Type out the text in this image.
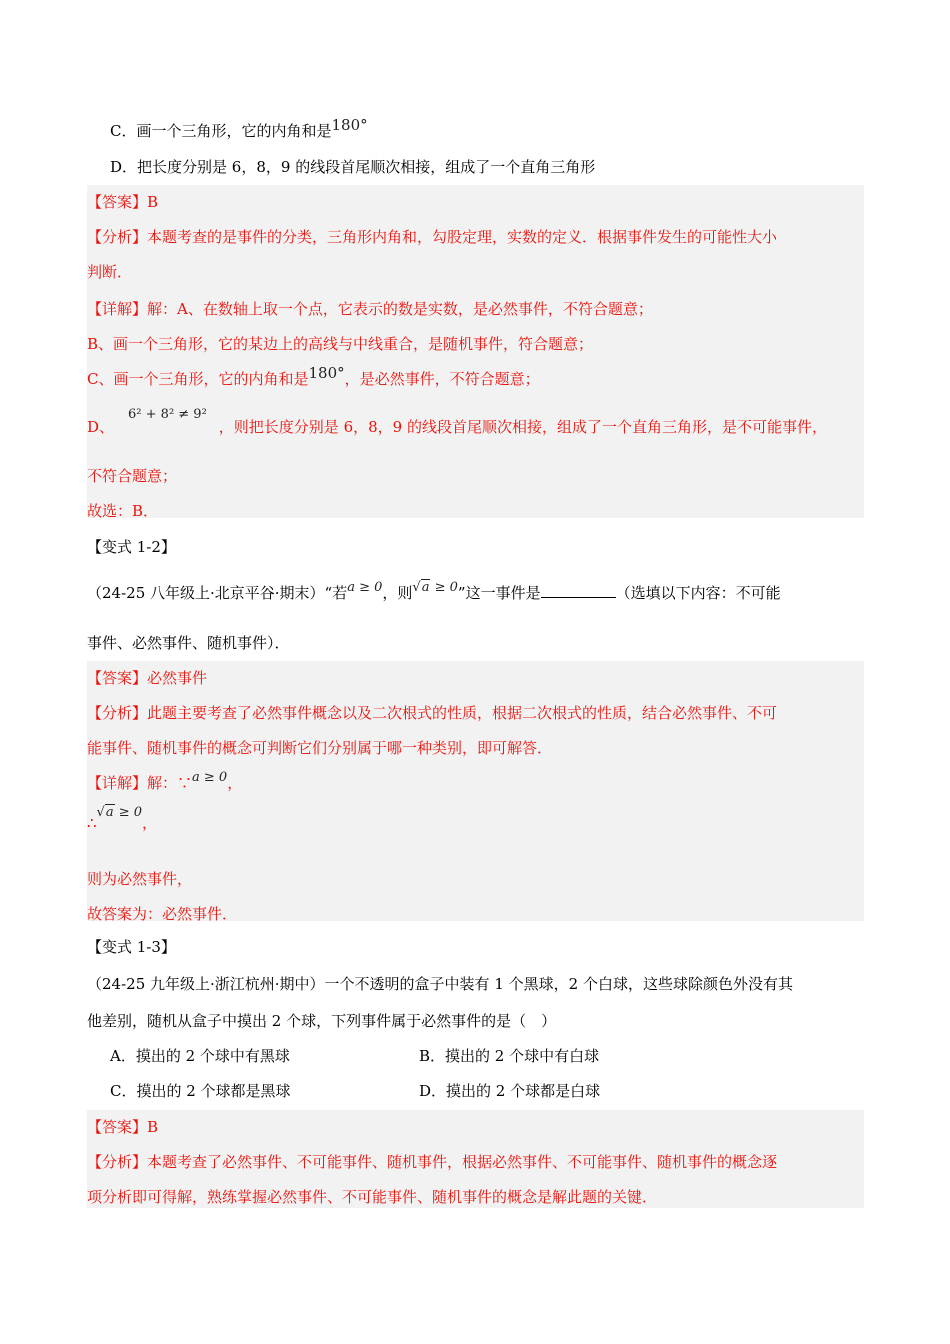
C．画一个三角形，它的内角和是180°
D．把长度分别是 6，8，9 的线段首尾顺次相接，组成了一个直角三角形
【答案】B
【分析】本题考查的是事件的分类，三角形内角和，勾股定理，实数的定义．根据事件发生的可能性大小
判断．
【详解】解：A、在数轴上取一个点，它表示的数是实数，是必然事件，不符合题意；
B、画一个三角形，它的某边上的高线与中线重合，是随机事件，符合题意；
C、画一个三角形，它的内角和是180°，是必然事件，不符合题意；
D、6² + 8² ≠ 9²，则把长度分别是 6，8，9 的线段首尾顺次相接，组成了一个直角三角形，是不可能事件，
不符合题意；
故选：B．
【变式 1-2】
（24-25 八年级上·北京平谷·期末）“若a ≥ 0，则√a ≥ 0”这一事件是	（选填以下内容：不可能
事件、必然事件、随机事件）．
【答案】必然事件
【分析】此题主要考查了必然事件概念以及二次根式的性质，根据二次根式的性质，结合必然事件、不可
能事件、随机事件的概念可判断它们分别属于哪一种类别，即可解答．
【详解】解：∵a ≥ 0，
∴√a ≥ 0，
则为必然事件，
故答案为：必然事件．
【变式 1-3】
（24-25 九年级上·浙江杭州·期中）一个不透明的盒子中装有 1 个黑球，2 个白球，这些球除颜色外没有其
他差别，随机从盒子中摸出 2 个球，下列事件属于必然事件的是（　）
A．摸出的 2 个球中有黑球	B．摸出的 2 个球中有白球
C．摸出的 2 个球都是黑球	D．摸出的 2 个球都是白球
【答案】B
【分析】本题考查了必然事件、不可能事件、随机事件，根据必然事件、不可能事件、随机事件的概念逐
项分析即可得解，熟练掌握必然事件、不可能事件、随机事件的概念是解此题的关键．
